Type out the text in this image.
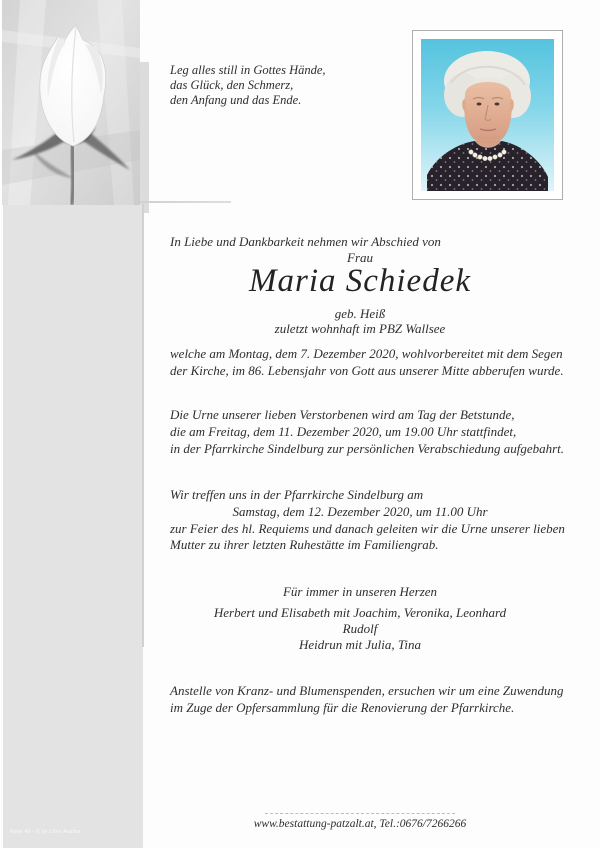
Rose 46 - © by Litho Austria
Leg alles still in Gottes Hände,
das Glück, den Schmerz,
den Anfang und das Ende.
In Liebe und Dankbarkeit nehmen wir Abschied von
Frau
Maria Schiedek
geb. Heiß
zuletzt wohnhaft im PBZ Wallsee
welche am Montag, dem 7. Dezember 2020, wohlvorbereitet mit dem Segen
der Kirche, im 86. Lebensjahr von Gott aus unserer Mitte abberufen wurde.
Die Urne unserer lieben Verstorbenen wird am Tag der Betstunde,
die am Freitag, dem 11. Dezember 2020, um 19.00 Uhr stattfindet,
in der Pfarrkirche Sindelburg zur persönlichen Verabschiedung aufgebahrt.
Wir treffen uns in der Pfarrkirche Sindelburg am
Samstag, dem 12. Dezember 2020, um 11.00 Uhr
zur Feier des hl. Requiems und danach geleiten wir die Urne unserer lieben
Mutter zu ihrer letzten Ruhestätte im Familiengrab.
Für immer in unseren Herzen
Herbert und Elisabeth mit Joachim, Veronika, Leonhard
Rudolf
Heidrun mit Julia, Tina
Anstelle von Kranz- und Blumenspenden, ersuchen wir um eine Zuwendung
im Zuge der Opfersammlung für die Renovierung der Pfarrkirche.
www.bestattung-patzalt.at, Tel.:0676/7266266
